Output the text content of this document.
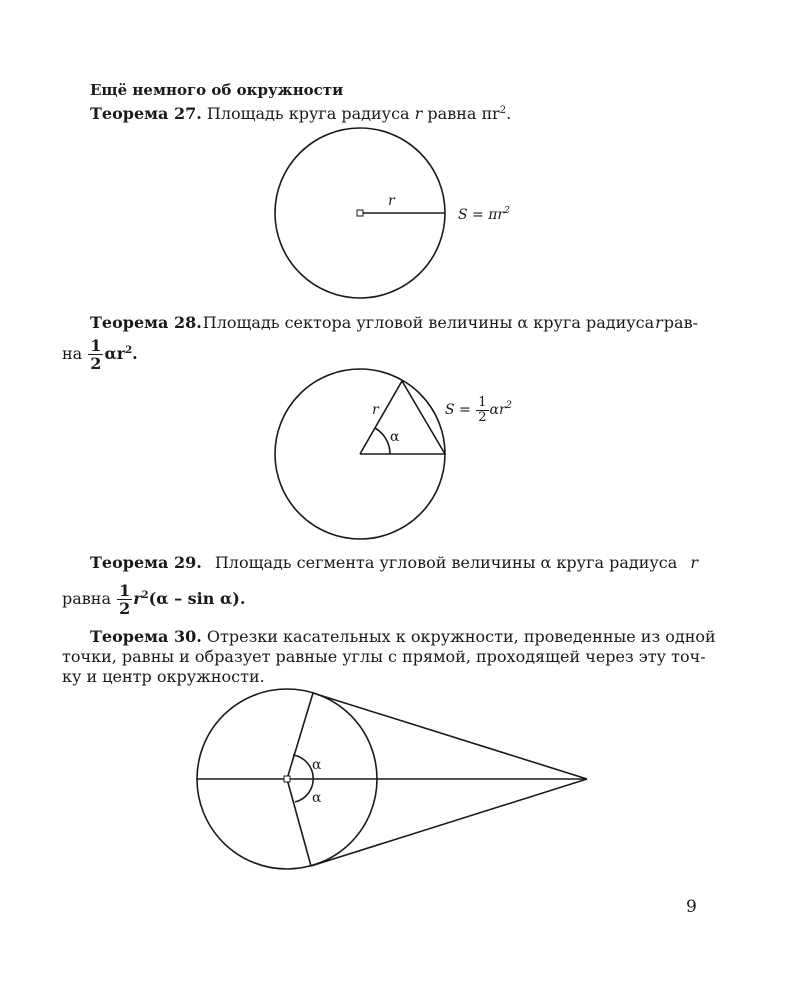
Ещё немного об окружности
Теорема 27. Площадь круга радиуса r равна $\pi r^2$.
r
$S = \pi r^2$
r
α
α
α
$S = \frac{1}{2} \alpha r^2$
Теорема 28. Площадь сектора угловой величины α круга радиуса r рав-
на $\frac{1}{2} \alpha r^2$.
Теорема 29. Площадь сегмента угловой величины α круга радиуса r
равна $\frac{1}{2} r^2(\alpha$ – sin α).
Теорема 30. Отрезки касательных к окружности, проведенные из одной
точки, равны и образует равные углы с прямой, проходящей через эту точ-
ку и центр окружности.
9
